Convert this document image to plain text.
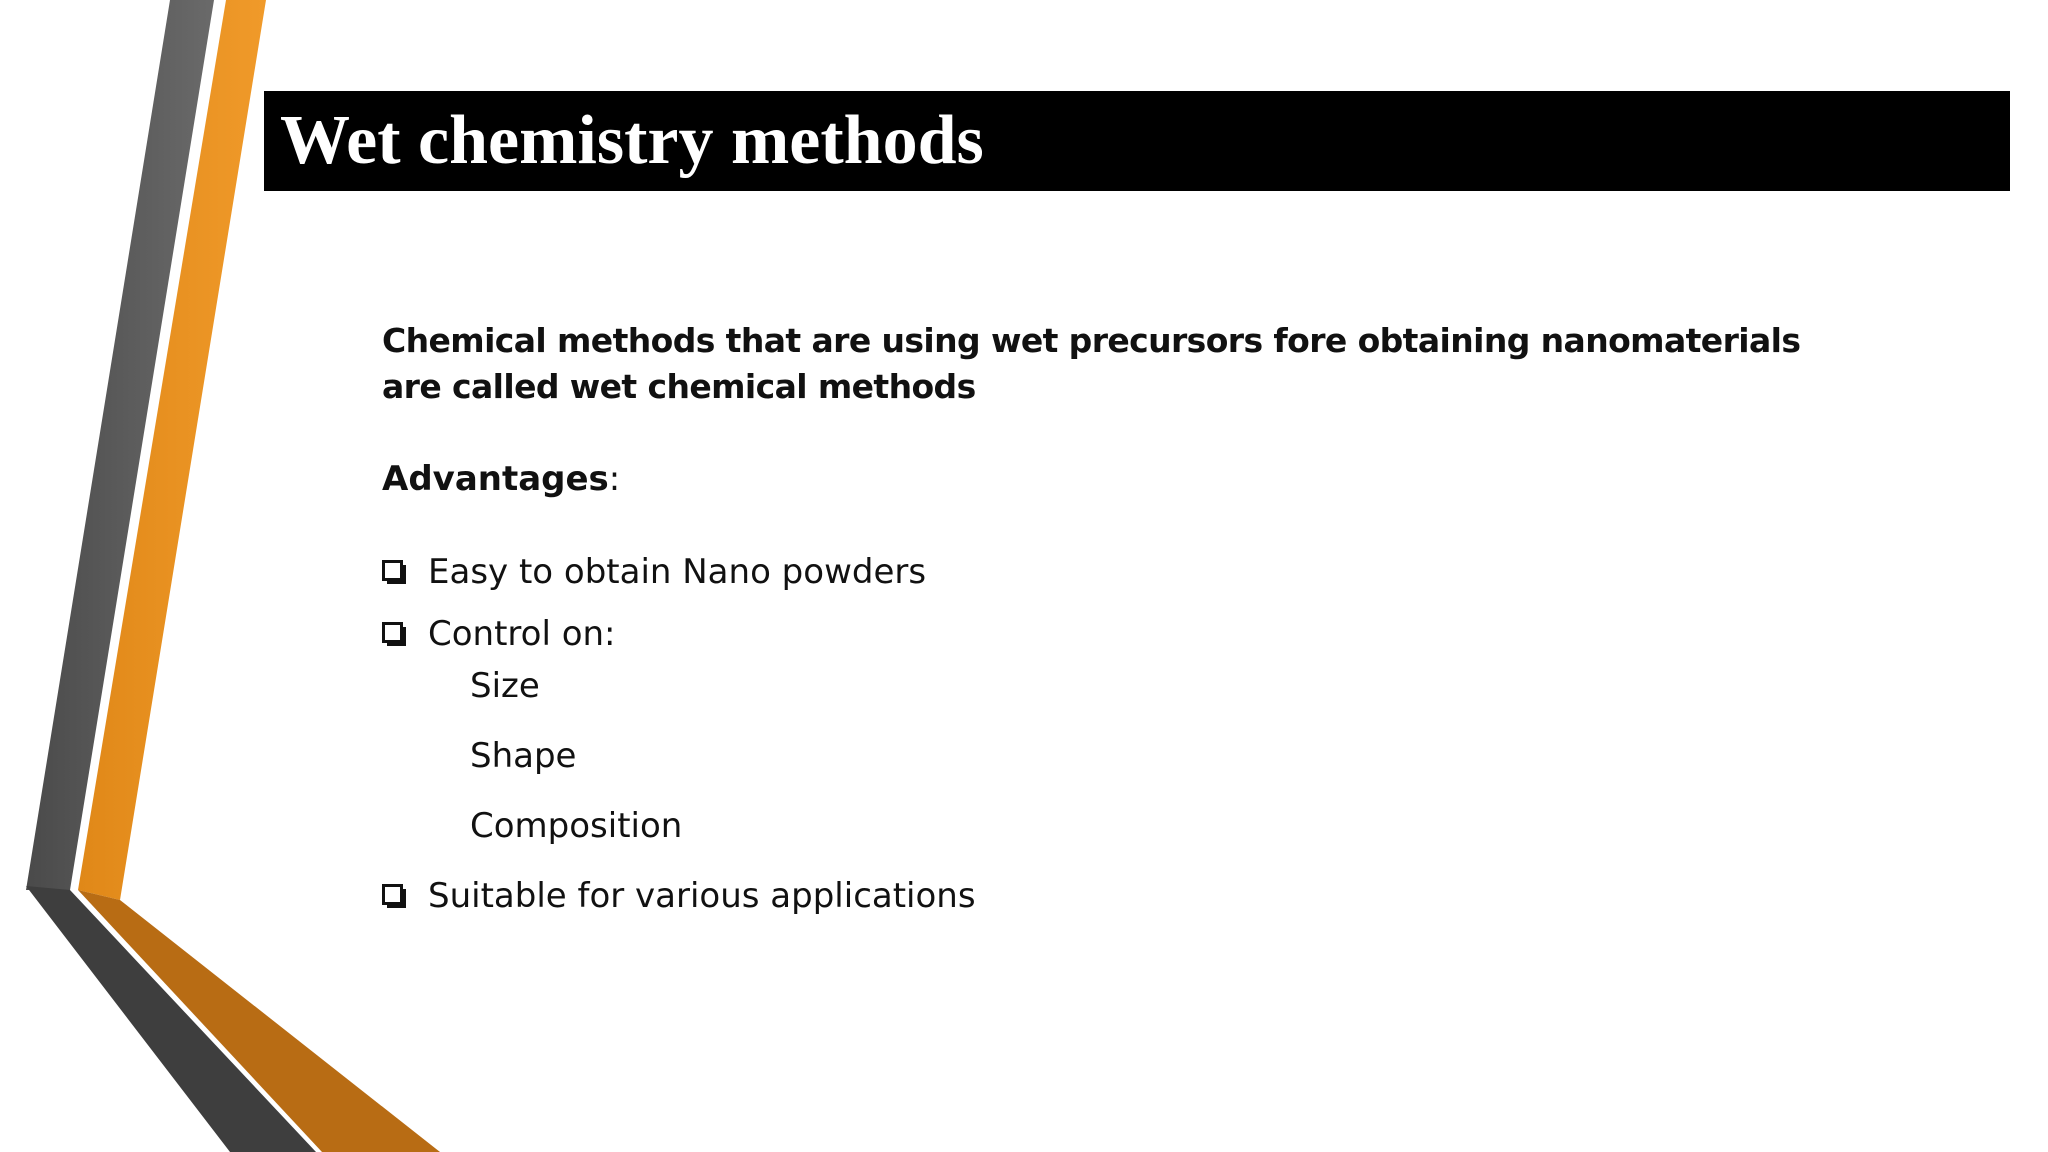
Wet chemistry methods
Chemical methods that are using wet precursors fore obtaining nanomaterials are called wet chemical methods
Advantages:
Easy to obtain Nano powders
Control on:
Size
Shape
Composition
Suitable for various applications
